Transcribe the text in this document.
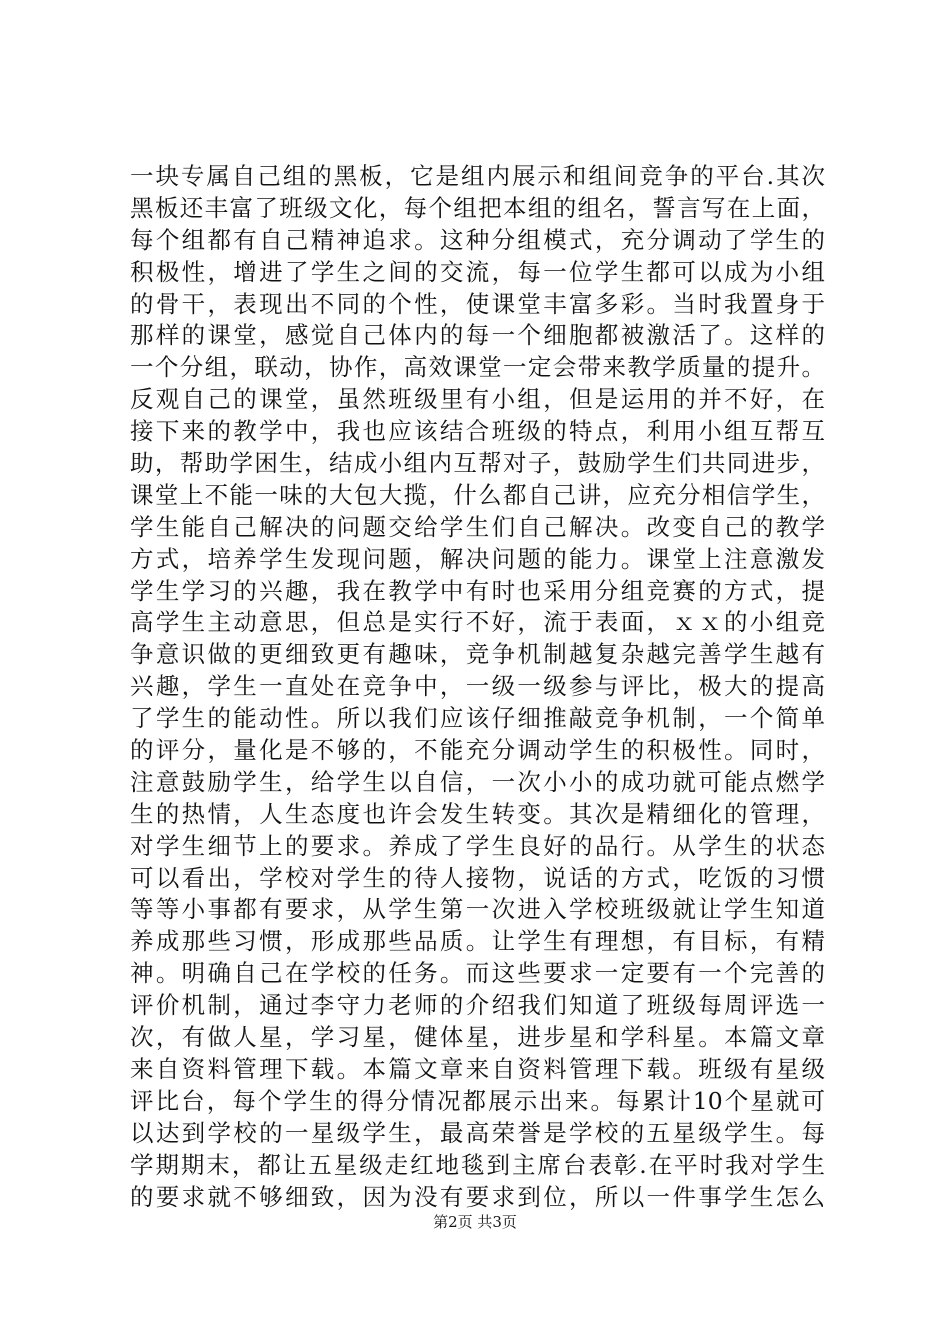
一块专属自己组的黑板，它是组内展示和组间竞争的平台.其次
黑板还丰富了班级文化，每个组把本组的组名，誓言写在上面，
每个组都有自己精神追求。这种分组模式，充分调动了学生的
积极性，增进了学生之间的交流，每一位学生都可以成为小组
的骨干，表现出不同的个性，使课堂丰富多彩。当时我置身于
那样的课堂，感觉自己体内的每一个细胞都被激活了。这样的
一个分组，联动，协作，高效课堂一定会带来教学质量的提升。
反观自己的课堂，虽然班级里有小组，但是运用的并不好，在
接下来的教学中，我也应该结合班级的特点，利用小组互帮互
助，帮助学困生，结成小组内互帮对子，鼓励学生们共同进步，
课堂上不能一味的大包大揽，什么都自己讲，应充分相信学生，
学生能自己解决的问题交给学生们自己解决。改变自己的教学
方式，培养学生发现问题，解决问题的能力。课堂上注意激发
学生学习的兴趣，我在教学中有时也采用分组竞赛的方式，提
高学生主动意思，但总是实行不好，流于表面，ｘｘ的小组竞
争意识做的更细致更有趣味，竞争机制越复杂越完善学生越有
兴趣，学生一直处在竞争中，一级一级参与评比，极大的提高
了学生的能动性。所以我们应该仔细推敲竞争机制，一个简单
的评分，量化是不够的，不能充分调动学生的积极性。同时，
注意鼓励学生，给学生以自信，一次小小的成功就可能点燃学
生的热情，人生态度也许会发生转变。其次是精细化的管理，
对学生细节上的要求。养成了学生良好的品行。从学生的状态
可以看出，学校对学生的待人接物，说话的方式，吃饭的习惯
等等小事都有要求，从学生第一次进入学校班级就让学生知道
养成那些习惯，形成那些品质。让学生有理想，有目标，有精
神。明确自己在学校的任务。而这些要求一定要有一个完善的
评价机制，通过李守力老师的介绍我们知道了班级每周评选一
次，有做人星，学习星，健体星，进步星和学科星。本篇文章
来自资料管理下载。本篇文章来自资料管理下载。班级有星级
评比台，每个学生的得分情况都展示出来。每累计10个星就可
以达到学校的一星级学生，最高荣誉是学校的五星级学生。每
学期期末，都让五星级走红地毯到主席台表彰.在平时我对学生
的要求就不够细致，因为没有要求到位，所以一件事学生怎么
第2页 共3页
